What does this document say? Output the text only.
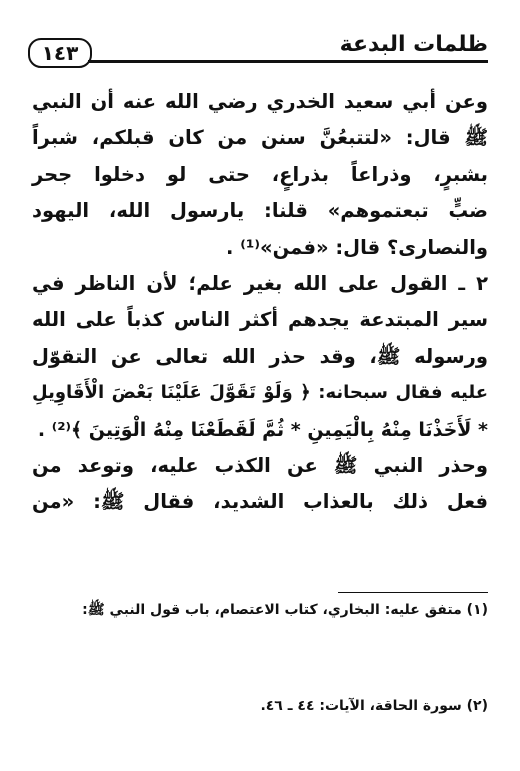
١٤٣	ظلمات البدعة
وعن أبي سعيد الخدري رضي الله عنه أن النبي
ﷺ قال: «لتتبعُنَّ سنن من كان قبلكم، شبراً
بشبرٍ، وذراعاً بذراعٍ، حتى لو دخلوا جحر
ضبٍّ تبعتموهم» قلنا: يارسول الله، اليهود
والنصارى؟ قال: «فمن»⁽¹⁾ .
٢ ـ القول على الله بغير علم؛ لأن الناظر في
سير المبتدعة يجدهم أكثر الناس كذباً على الله
ورسوله ﷺ، وقد حذر الله تعالى عن التقوّل
عليه فقال سبحانه: ﴿ وَلَوْ تَقَوَّلَ عَلَيْنَا بَعْضَ الْأَقَاوِيلِ
* لَأَخَذْنَا مِنْهُ بِالْيَمِينِ * ثُمَّ لَقَطَعْنَا مِنْهُ الْوَتِينَ ﴾⁽²⁾ .
وحذر النبي ﷺ عن الكذب عليه، وتوعد من
فعل ذلك بالعذاب الشديد، فقال ﷺ: «من
(١) متفق عليه: البخاري، كتاب الاعتصام، باب قول النبي ﷺ:
(٢) سورة الحاقة، الآيات: ٤٤ ـ ٤٦.
